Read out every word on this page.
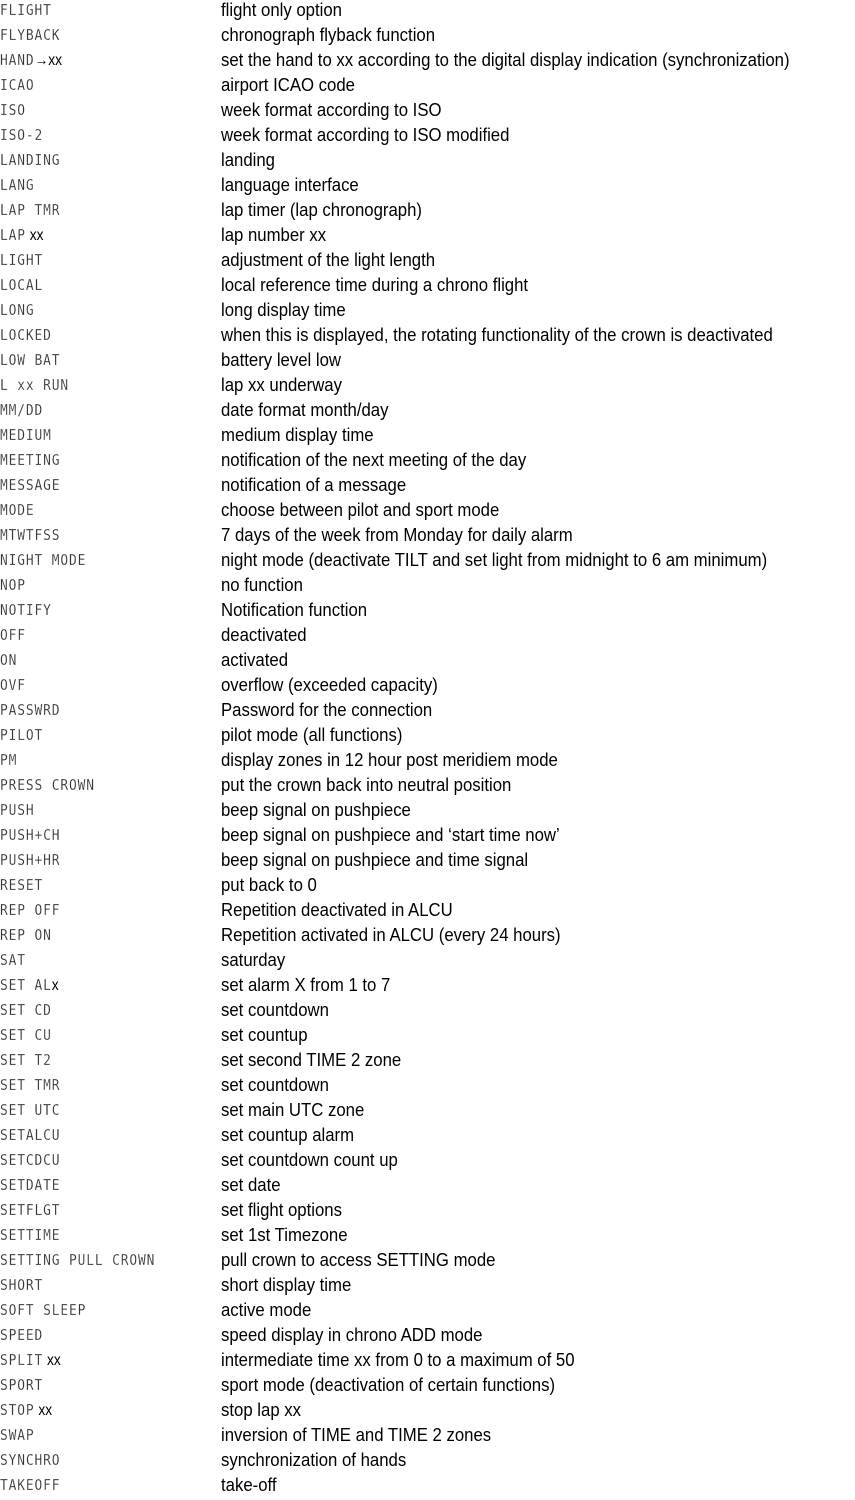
FLIGHT	flight only option
FLYBACK	chronograph flyback function
HAND→xx	set the hand to xx according to the digital display indication (synchronization)
ICAO	airport ICAO code
ISO	week format according to ISO
ISO-2	week format according to ISO modified
LANDING	landing
LANG	language interface
LAP TMR	lap timer (lap chronograph)
LAP xx	lap number xx
LIGHT	adjustment of the light length
LOCAL	local reference time during a chrono flight
LONG	long display time
LOCKED	when this is displayed, the rotating functionality of the crown is deactivated
LOW BAT	battery level low
L xx RUN	lap xx underway
MM/DD	date format month/day
MEDIUM	medium display time
MEETING	notification of the next meeting of the day
MESSAGE	notification of a message
MODE	choose between pilot and sport mode
MTWTFSS	7 days of the week from Monday for daily alarm
NIGHT MODE	night mode (deactivate TILT and set light from midnight to 6 am minimum)
NOP	no function
NOTIFY	Notification function
OFF	deactivated
ON	activated
OVF	overflow (exceeded capacity)
PASSWRD	Password for the connection
PILOT	pilot mode (all functions)
PM	display zones in 12 hour post meridiem mode
PRESS CROWN	put the crown back into neutral position
PUSH	beep signal on pushpiece
PUSH+CH	beep signal on pushpiece and ‘start time now’
PUSH+HR	beep signal on pushpiece and time signal
RESET	put back to 0
REP OFF	Repetition deactivated in ALCU
REP ON	Repetition activated in ALCU (every 24 hours)
SAT	saturday
SET ALx	set alarm X from 1 to 7
SET CD	set countdown
SET CU	set countup
SET T2	set second TIME 2 zone
SET TMR	set countdown
SET UTC	set main UTC zone
SETALCU	set countup alarm
SETCDCU	set countdown count up
SETDATE	set date
SETFLGT	set flight options
SETTIME	set 1st Timezone
SETTING PULL CROWN	pull crown to access SETTING mode
SHORT	short display time
SOFT SLEEP	active mode
SPEED	speed display in chrono ADD mode
SPLIT xx	intermediate time xx from 0 to a maximum of 50
SPORT	sport mode (deactivation of certain functions)
STOP xx	stop lap xx
SWAP	inversion of TIME and TIME 2 zones
SYNCHRO	synchronization of hands
TAKEOFF	take-off
